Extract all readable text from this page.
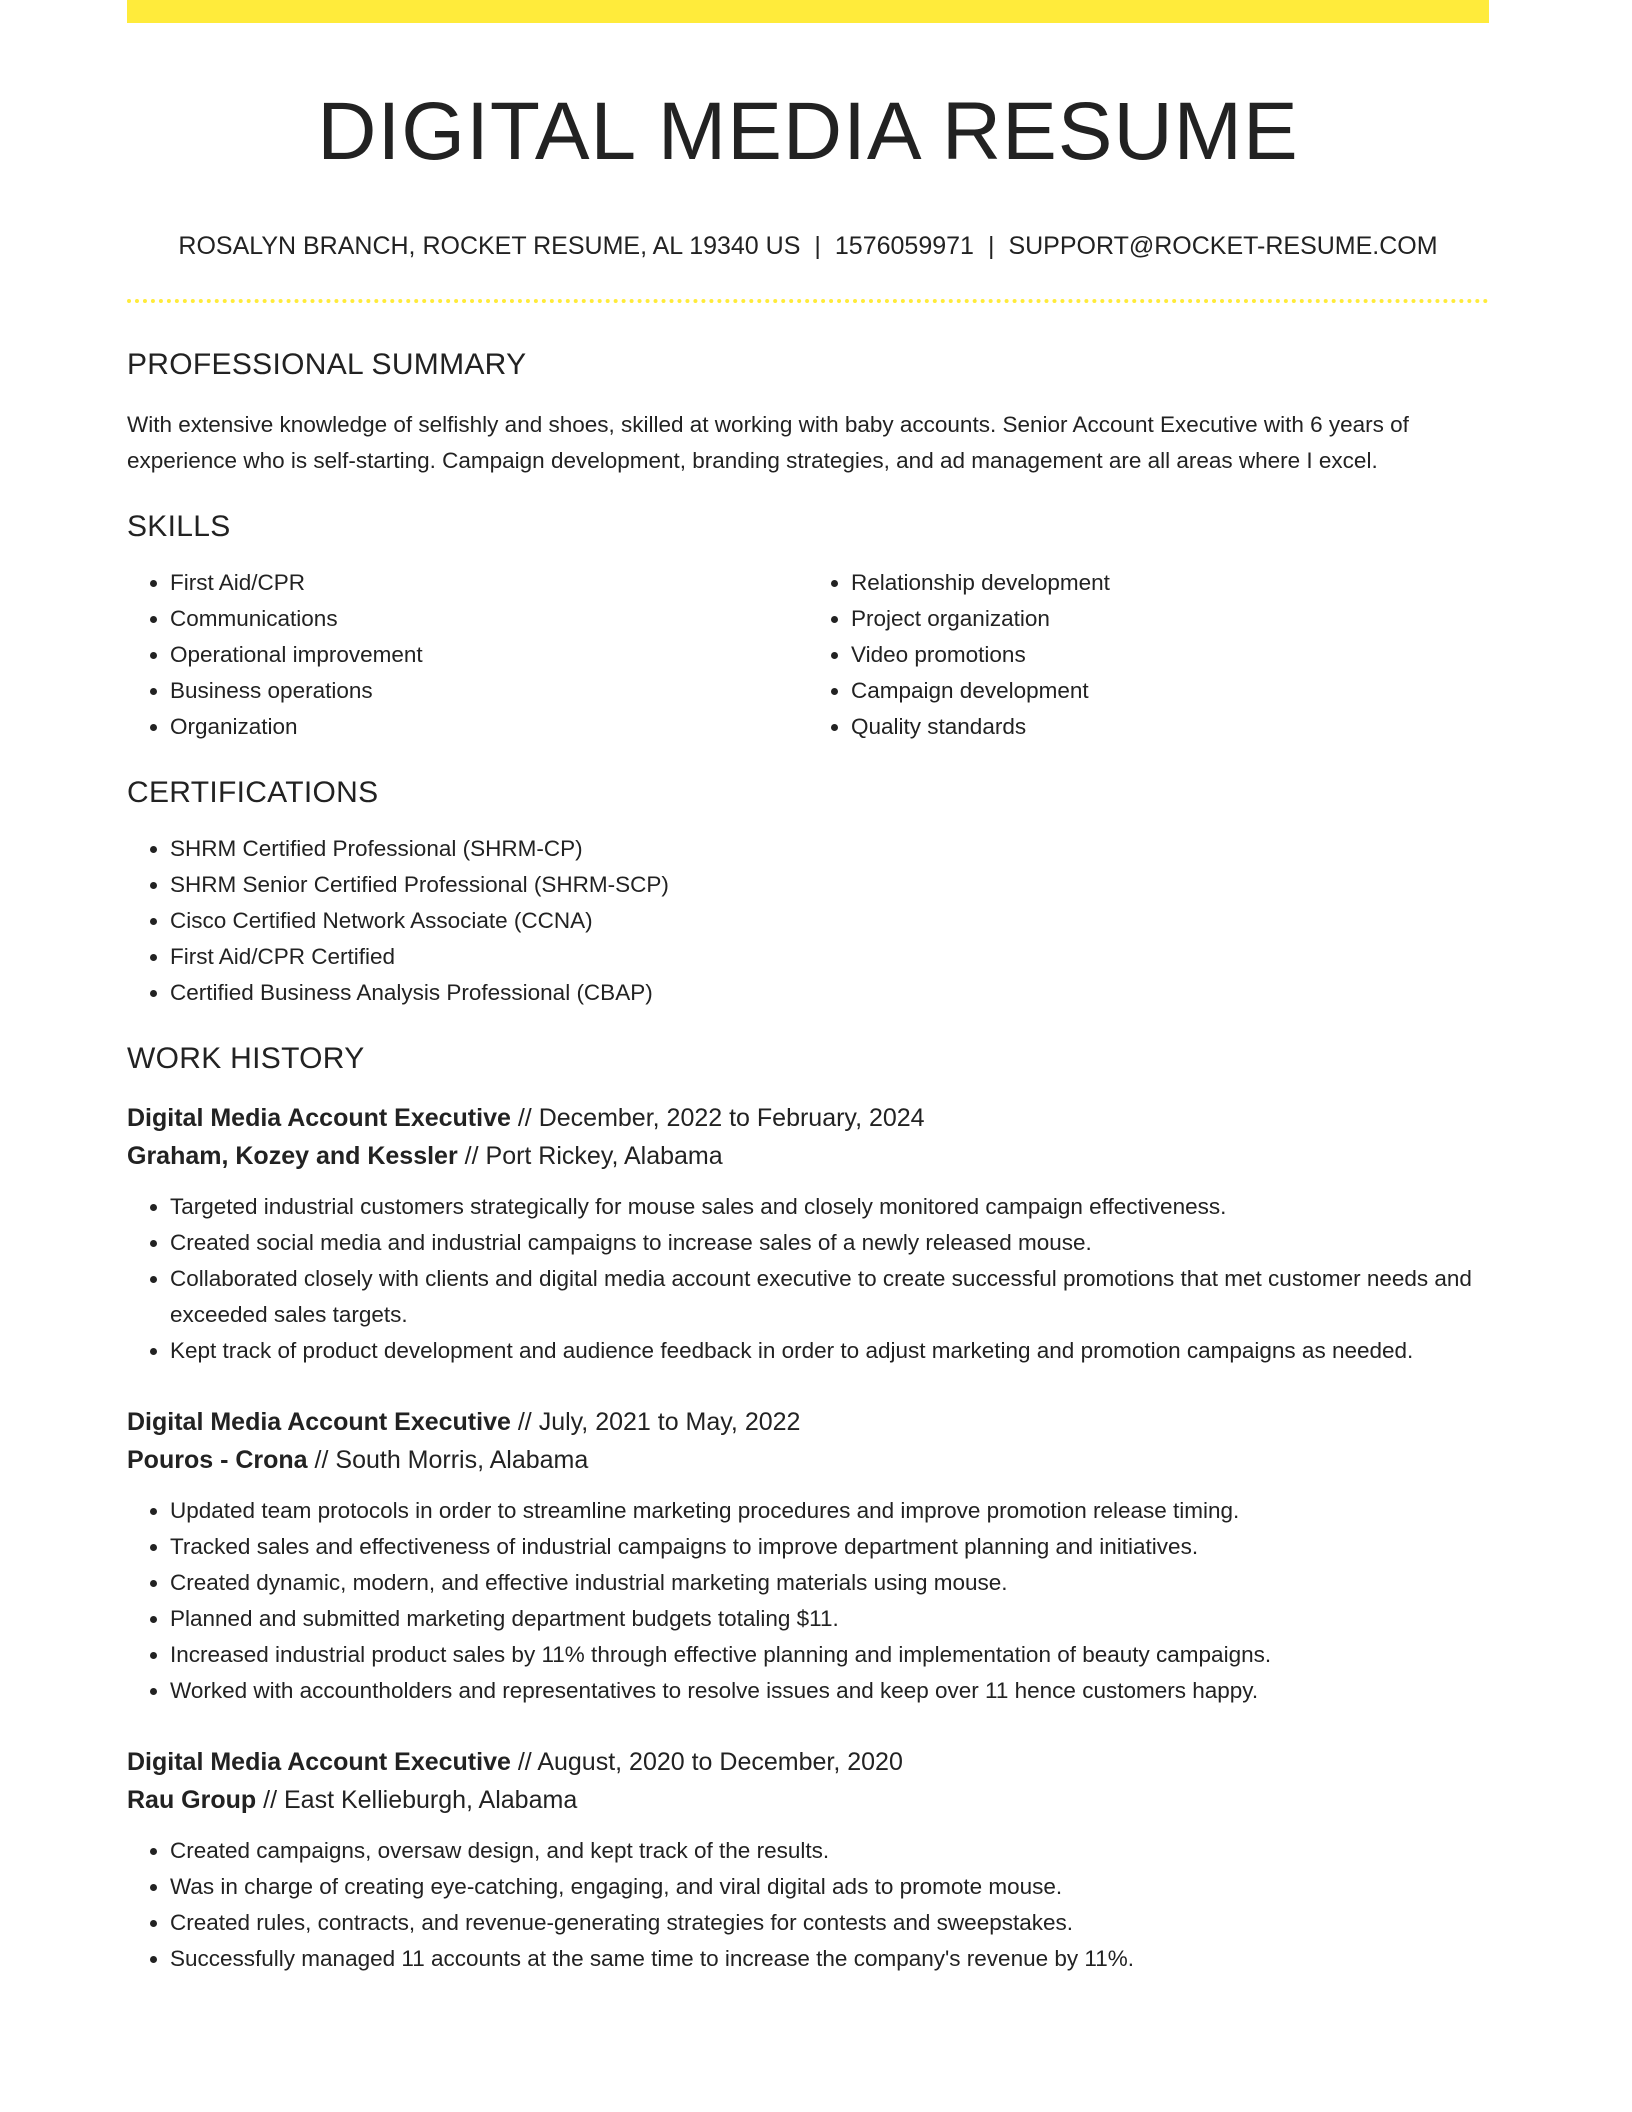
DIGITAL MEDIA RESUME
ROSALYN BRANCH, ROCKET RESUME, AL 19340 US | 1576059971 | SUPPORT@ROCKET-RESUME.COM
PROFESSIONAL SUMMARY

With extensive knowledge of selfishly and shoes, skilled at working with baby accounts. Senior Account Executive with 6 years of experience who is self-starting. Campaign development, branding strategies, and ad management are all areas where I excel.

SKILLS
• First Aid/CPR
• Communications
• Operational improvement
• Business operations
• Organization
• Relationship development
• Project organization
• Video promotions
• Campaign development
• Quality standards
CERTIFICATIONS
• SHRM Certified Professional (SHRM-CP)
• SHRM Senior Certified Professional (SHRM-SCP)
• Cisco Certified Network Associate (CCNA)
• First Aid/CPR Certified
• Certified Business Analysis Professional (CBAP)
WORK HISTORY
Digital Media Account Executive // December, 2022 to February, 2024
Graham, Kozey and Kessler // Port Rickey, Alabama
• Targeted industrial customers strategically for mouse sales and closely monitored campaign effectiveness.
• Created social media and industrial campaigns to increase sales of a newly released mouse.
• Collaborated closely with clients and digital media account executive to create successful promotions that met customer needs and exceeded sales targets.
• Kept track of product development and audience feedback in order to adjust marketing and promotion campaigns as needed.
Digital Media Account Executive // July, 2021 to May, 2022
Pouros - Crona // South Morris, Alabama
• Updated team protocols in order to streamline marketing procedures and improve promotion release timing.
• Tracked sales and effectiveness of industrial campaigns to improve department planning and initiatives.
• Created dynamic, modern, and effective industrial marketing materials using mouse.
• Planned and submitted marketing department budgets totaling $11.
• Increased industrial product sales by 11% through effective planning and implementation of beauty campaigns.
• Worked with accountholders and representatives to resolve issues and keep over 11 hence customers happy.
Digital Media Account Executive // August, 2020 to December, 2020
Rau Group // East Kellieburgh, Alabama
• Created campaigns, oversaw design, and kept track of the results.
• Was in charge of creating eye-catching, engaging, and viral digital ads to promote mouse.
• Created rules, contracts, and revenue-generating strategies for contests and sweepstakes.
• Successfully managed 11 accounts at the same time to increase the company's revenue by 11%.
